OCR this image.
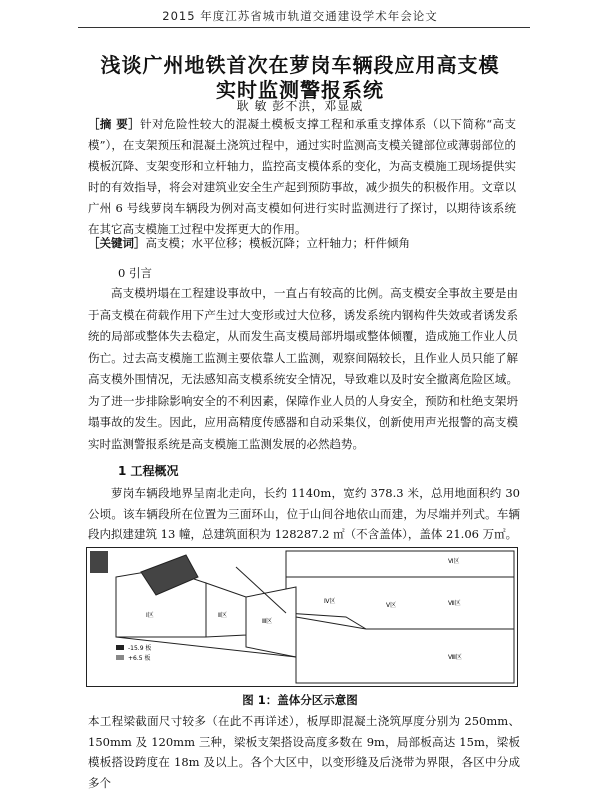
2015 年度江苏省城市轨道交通建设学术年会论文
浅谈广州地铁首次在萝岗车辆段应用高支模
实时监测警报系统
耿 敏 彭不洪，邓显威
［摘 要］针对危险性较大的混凝土模板支撑工程和承重支撑体系（以下简称“高支模”），在支架预压和混凝土浇筑过程中，通过实时监测高支模关键部位或薄弱部位的模板沉降、支架变形和立杆轴力，监控高支模体系的变化，为高支模施工现场提供实时的有效指导，将会对建筑业安全生产起到预防事故，减少损失的积极作用。文章以广州 6 号线萝岗车辆段为例对高支模如何进行实时监测进行了探讨，以期待该系统在其它高支模施工过程中发挥更大的作用。
［关键词］高支模；水平位移；模板沉降；立杆轴力；杆件倾角
0 引言
高支模坍塌在工程建设事故中，一直占有较高的比例。高支模安全事故主要是由于高支模在荷载作用下产生过大变形或过大位移，诱发系统内钢构件失效或者诱发系统的局部或整体失去稳定，从而发生高支模局部坍塌或整体倾覆，造成施工作业人员伤亡。过去高支模施工监测主要依靠人工监测，观察间隔较长，且作业人员只能了解高支模外围情况，无法感知高支模系统安全情况，导致难以及时安全撤离危险区域。为了进一步排除影响安全的不利因素，保障作业人员的人身安全，预防和杜绝支架坍塌事故的发生。因此，应用高精度传感器和自动采集仪，创新使用声光报警的高支模实时监测警报系统是高支模施工监测发展的必然趋势。
1 工程概况
萝岗车辆段地界呈南北走向，长约 1140m，宽约 378.3 米，总用地面积约 30 公顷。该车辆段所在位置为三面环山，位于山间谷地依山而建，为尽端并列式。车辆段内拟建建筑 13 幢，总建筑面积为 128287.2 ㎡（不含盖体），盖体 21.06 万㎡。
Ⅰ区	Ⅱ区
Ⅲ区
Ⅳ区
Ⅴ区
Ⅵ区
Ⅶ区
Ⅷ区
-15.9 板
+6.5 板
图 1：盖体分区示意图
本工程梁截面尺寸较多（在此不再详述），板厚即混凝土浇筑厚度分别为 250mm、150mm 及 120mm 三种，梁板支架搭设高度多数在 9m，局部板高达 15m，梁板模板搭设跨度在 18m 及以上。各个大区中，以变形缝及后浇带为界限，各区中分成多个
